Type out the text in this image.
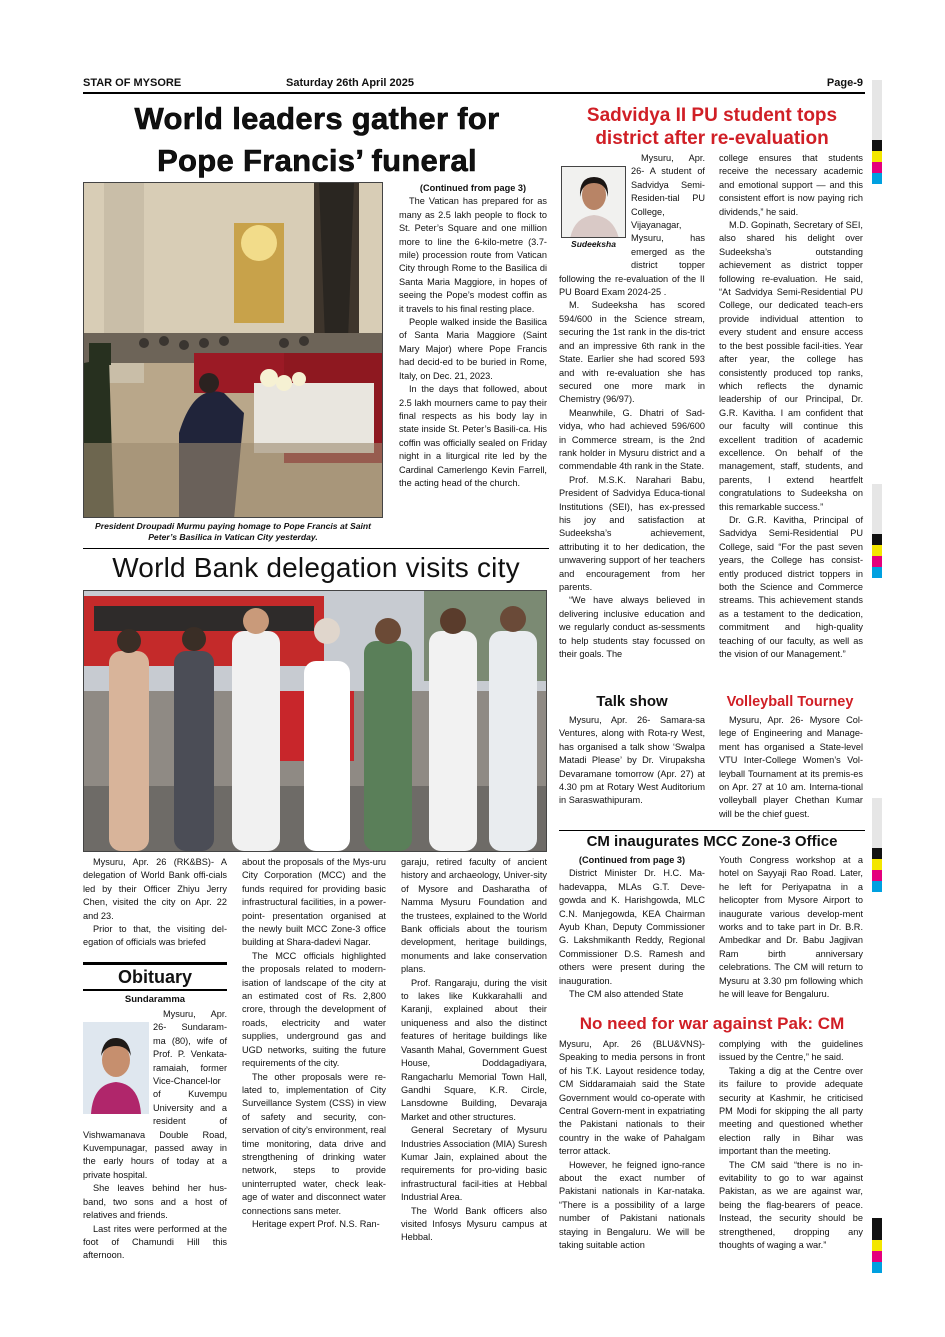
STAR OF MYSORE	Saturday 26th April 2025	Page-9
World leaders gather for
Pope Francis’ funeral
President Droupadi Murmu paying homage to Pope Francis at Saint
Peter’s Basilica in Vatican City yesterday.

(Continued from page 3)

The Vatican has prepared for as many as 2.5 lakh people to flock to St. Peter’s Square and one million more to line the 6-kilo-metre (3.7-mile) procession route from Vatican City through Rome to the Basilica di Santa Maria Maggiore, in hopes of seeing the Pope’s modest coffin as it travels to his final resting place.

People walked inside the Basilica of Santa Maria Maggiore (Saint Mary Major) where Pope Francis had decid-ed to be buried in Rome, Italy, on Dec. 21, 2023.

In the days that followed, about 2.5 lakh mourners came to pay their final respects as his body lay in state inside St. Peter’s Basili-ca. His coffin was officially sealed on Friday night in a liturgical rite led by the Cardinal Camerlengo Kevin Farrell, the acting head of the church.

World Bank delegation visits city

Mysuru, Apr. 26 (RK&BS)- A delegation of World Bank offi-cials led by their Officer Zhiyu Jerry Chen, visited the city on Apr. 22 and 23.

Prior to that, the visiting del-egation of officials was briefed

about the proposals of the Mys-uru City Corporation (MCC) and the funds required for providing basic infrastructural facilities, in a power-point- presentation organised at the newly built MCC Zone-3 office building at Shara-dadevi Nagar.

The MCC officials highlighted the proposals related to modern-isation of landscape of the city at an estimated cost of Rs. 2,800 crore, through the development of roads, electricity and water supplies, underground gas and UGD networks, suiting the future requirements of the city.

The other proposals were re-lated to, implementation of City Surveillance System (CSS) in view of safety and security, con-servation of city’s environment, real time monitoring, data drive and strengthening of drinking water network, steps to provide uninterrupted water, check leak-age of water and disconnect water connections sans meter.

Heritage expert Prof. N.S. Ran-

garaju, retired faculty of ancient history and archaeology, Univer-sity of Mysore and Dasharatha of Namma Mysuru Foundation and the trustees, explained to the World Bank officials about the tourism development, heritage buildings, monuments and lake conservation plans.

Prof. Rangaraju, during the visit to lakes like Kukkarahalli and Karanji, explained about their uniqueness and also the distinct features of heritage buildings like Vasanth Mahal, Government Guest House, Doddagadiyara, Rangacharlu Memorial Town Hall, Gandhi Square, K.R. Circle, Lansdowne Building, Devaraja Market and other structures.

General Secretary of Mysuru Industries Association (MIA) Suresh Kumar Jain, explained about the requirements for pro-viding basic infrastructural facil-ities at Hebbal Industrial Area.

The World Bank officers also visited Infosys Mysuru campus at Hebbal.

Obituary
Sundaramma

Mysuru, Apr. 26- Sundaram-ma (80), wife of Prof. P. Venkata-ramaiah, former Vice-Chancel-lor of Kuvempu University and a resident of Vishwamanava Double Road, Kuvempunagar, passed away in the early hours of today at a private hospital.

She leaves behind her hus-band, two sons and a host of relatives and friends.

Last rites were performed at the foot of Chamundi Hill this afternoon.

Sadvidya II PU student tops
district after re-evaluation
Sudeeksha

Mysuru, Apr. 26- A student of Sadvidya Semi-Residen-tial PU College, Vijayanagar, Mysuru, has emerged as the district topper following the re-evaluation of the II PU Board Exam 2024-25 .

M. Sudeeksha has scored 594/600 in the Science stream, securing the 1st rank in the dis-trict and an impressive 6th rank in the State. Earlier she had scored 593 and with re-evaluation she has secured one more mark in Chemistry (96/97).

Meanwhile, G. Dhatri of Sad-vidya, who had achieved 596/600 in Commerce stream, is the 2nd rank holder in Mysuru district and a commendable 4th rank in the State.

Prof. M.S.K. Narahari Babu, President of Sadvidya Educa-tional Institutions (SEI), has ex-pressed his joy and satisfaction at Sudeeksha’s achievement, attributing it to her dedication, the unwavering support of her teachers and encouragement from her parents.

“We have always believed in delivering inclusive education and we regularly conduct as-sessments to help students stay focussed on their goals. The

college ensures that students receive the necessary academic and emotional support — and this consistent effort is now paying rich dividends,” he said.

M.D. Gopinath, Secretary of SEI, also shared his delight over Sudeeksha’s outstanding achievement as district topper following re-evaluation. He said, “At Sadvidya Semi-Residential PU College, our dedicated teach-ers provide individual attention to every student and ensure access to the best possible facil-ities. Year after year, the college has consistently produced top ranks, which reflects the dynamic leadership of our Principal, Dr. G.R. Kavitha. I am confident that our faculty will continue this excellent tradition of academic excellence. On behalf of the management, staff, students, and parents, I extend heartfelt congratulations to Sudeeksha on this remarkable success.”

Dr. G.R. Kavitha, Principal of Sadvidya Semi-Residential PU College, said “For the past seven years, the College has consist-ently produced district toppers in both the Science and Commerce streams. This achievement stands as a testament to the dedication, commitment and high-quality teaching of our faculty, as well as the vision of our Management.”

Talk show

Mysuru, Apr. 26- Samara-sa Ventures, along with Rota-ry West, has organised a talk show ‘Swalpa Matadi Please’ by Dr. Virupaksha Devaramane tomorrow (Apr. 27) at 4.30 pm at Rotary West Auditorium in Saraswathipuram.

Volleyball Tourney

Mysuru, Apr. 26- Mysore Col-lege of Engineering and Manage-ment has organised a State-level VTU Inter-College Women’s Vol-leyball Tournament at its premis-es on Apr. 27 at 10 am. Interna-tional volleyball player Chethan Kumar will be the chief guest.

CM inaugurates MCC Zone-3 Office

(Continued from page 3)

District Minister Dr. H.C. Ma-hadevappa, MLAs G.T. Deve-gowda and K. Harishgowda, MLC C.N. Manjegowda, KEA Chairman Ayub Khan, Deputy Commissioner G. Lakshmikanth Reddy, Regional Commissioner D.S. Ramesh and others were present during the inauguration.

The CM also attended State

Youth Congress workshop at a hotel on Sayyaji Rao Road. Later, he left for Periyapatna in a helicopter from Mysore Airport to inaugurate various develop-ment works and to take part in Dr. B.R. Ambedkar and Dr. Babu Jagjivan Ram birth anniversary celebrations. The CM will return to Mysuru at 3.30 pm following which he will leave for Bengaluru.

No need for war against Pak: CM

Mysuru, Apr. 26 (BLU&VNS)- Speaking to media persons in front of his T.K. Layout residence today, CM Siddaramaiah said the State Government would co-operate with Central Govern-ment in expatriating the Pakistani nationals to their country in the wake of Pahalgam terror attack.

However, he feigned igno-rance about the exact number of Pakistani nationals in Kar-nataka. “There is a possibility of a large number of Pakistani nationals staying in Bengaluru. We will be taking suitable action

complying with the guidelines issued by the Centre,” he said.

Taking a dig at the Centre over its failure to provide adequate security at Kashmir, he criticised PM Modi for skipping the all party meeting and questioned whether election rally in Bihar was important than the meeting.

The CM said “there is no in-evitability to go to war against Pakistan, as we are against war, being the flag-bearers of peace. Instead, the security should be strengthened, dropping any thoughts of waging a war.”
